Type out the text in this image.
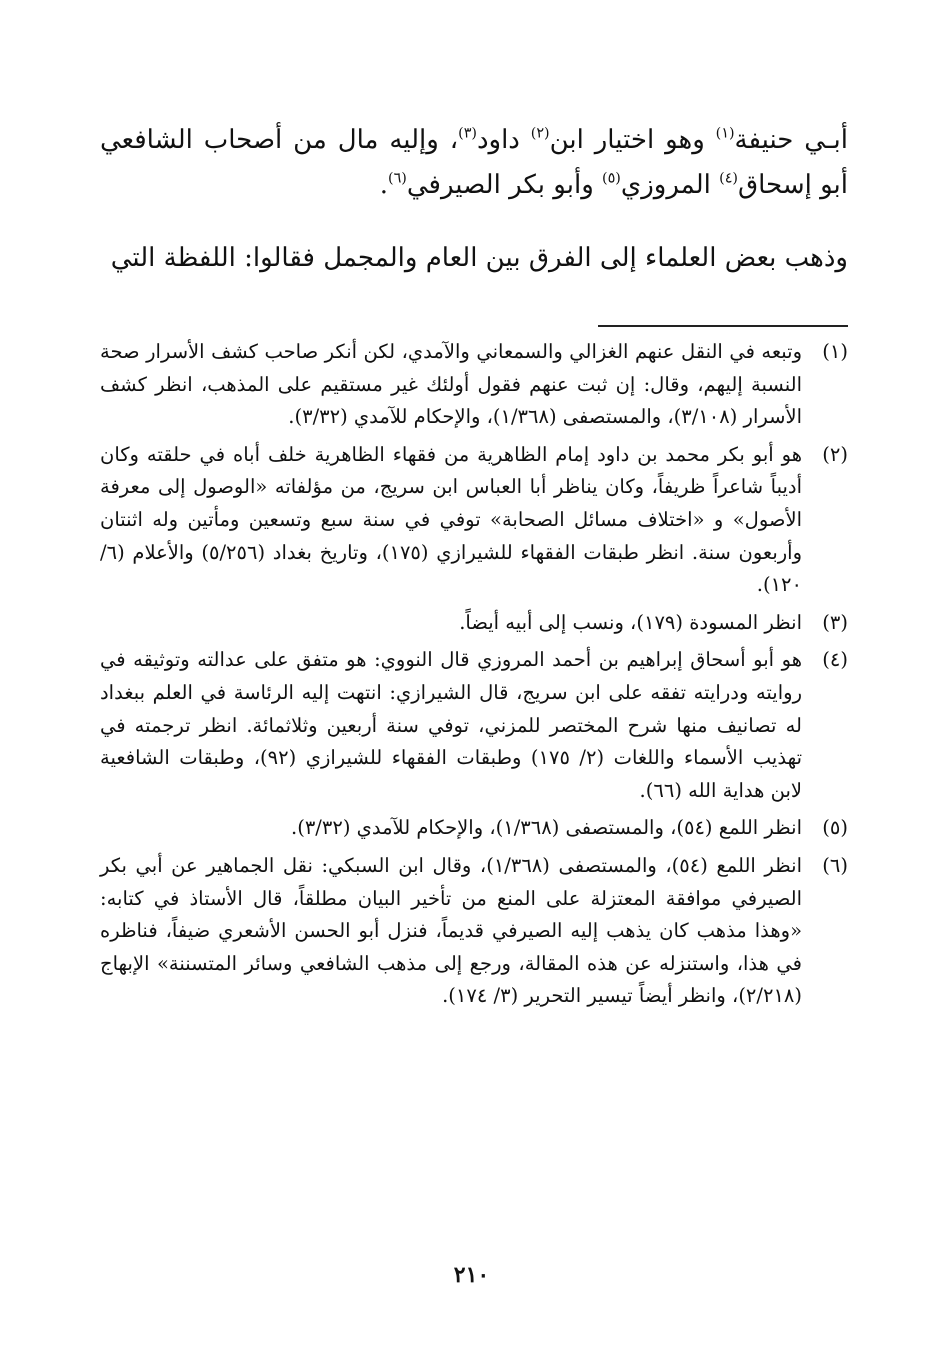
أبـي حنيفة$^{(١)}$ وهو اختيار ابن$^{(٢)}$ داود$^{(٣)}$، وإليه مال من أصحاب الشافعي أبو إسحاق$^{(٤)}$ المروزي$^{(٥)}$ وأبو بكر الصيرفي$^{(٦)}$.

وذهب بعض العلماء إلى الفرق بين العام والمجمل فقالوا: اللفظة التي

(١)
وتبعه في النقل عنهم الغزالي والسمعاني والآمدي، لكن أنكر صاحب كشف الأسرار صحة النسبة إليهم، وقال: إن ثبت عنهم فقول أولئك غير مستقيم على المذهب، انظر كشف الأسرار (٣/١٠٨)، والمستصفى (١/٣٦٨)، والإحكام للآمدي (٣/٣٢).
(٢)
هو أبو بكر محمد بن داود إمام الظاهرية من فقهاء الظاهرية خلف أباه في حلقته وكان أديباً شاعراً ظريفاً، وكان يناظر أبا العباس ابن سريج، من مؤلفاته «الوصول إلى معرفة الأصول» و «اختلاف مسائل الصحابة» توفي في سنة سبع وتسعين ومأتين وله اثنتان وأربعون سنة. انظر طبقات الفقهاء للشيرازي (١٧٥)، وتاريخ بغداد (٥/٢٥٦) والأعلام (٦/ ١٢٠).
(٣)
انظر المسودة (١٧٩)، ونسب إلى أبيه أيضاً.
(٤)
هو أبو أسحاق إبراهيم بن أحمد المروزي قال النووي: هو متفق على عدالته وتوثيقه في روايته ودرايته تفقه على ابن سريج، قال الشيرازي: انتهت إليه الرئاسة في العلم ببغداد له تصانيف منها شرح المختصر للمزني، توفي سنة أربعين وثلاثمائة. انظر ترجمته في تهذيب الأسماء واللغات (٢/ ١٧٥) وطبقات الفقهاء للشيرازي (٩٢)، وطبقات الشافعية لابن هداية الله (٦٦).
(٥)
انظر اللمع (٥٤)، والمستصفى (١/٣٦٨)، والإحكام للآمدي (٣/٣٢).
(٦)
انظر اللمع (٥٤)، والمستصفى (١/٣٦٨)، وقال ابن السبكي: نقل الجماهير عن أبي بكر الصيرفي موافقة المعتزلة على المنع من تأخير البيان مطلقاً، قال الأستاذ في كتابه: «وهذا مذهب كان يذهب إليه الصيرفي قديماً، فنزل أبو الحسن الأشعري ضيفاً، فناظره في هذا، واستنزله عن هذه المقالة، ورجع إلى مذهب الشافعي وسائر المتسننة» الإبهاج (٢/٢١٨)، وانظر أيضاً تيسير التحرير (٣/ ١٧٤).
٢١٠
